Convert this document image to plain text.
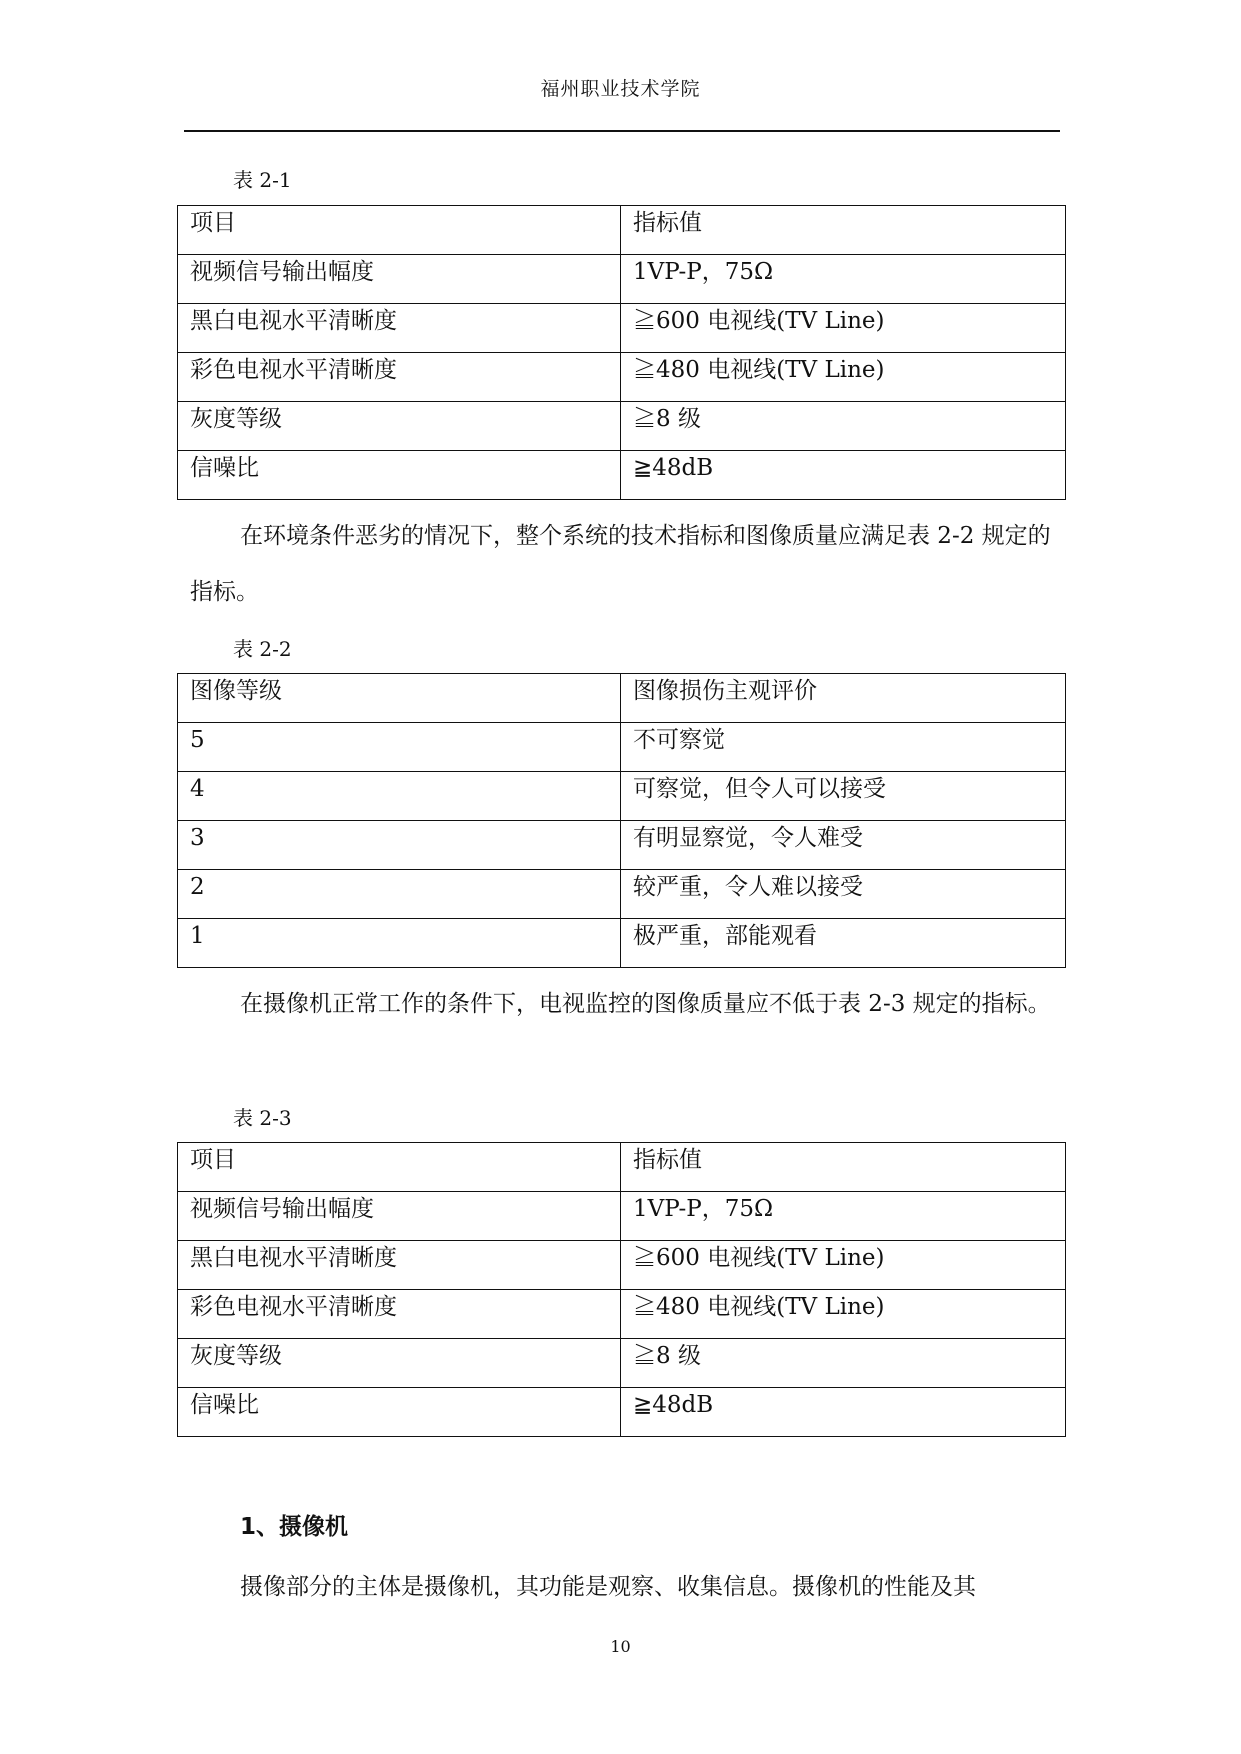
福州职业技术学院
表 2-1
项目	指标值
视频信号输出幅度	1VP-P，75Ω
黑白电视水平清晰度	≧600 电视线(TV Line)
彩色电视水平清晰度	≧480 电视线(TV Line)
灰度等级	≧8 级
信噪比	≧48dB
在环境条件恶劣的情况下，整个系统的技术指标和图像质量应满足表 2-2 规定的指标。
表 2-2
图像等级	图像损伤主观评价
5	不可察觉
4	可察觉，但令人可以接受
3	有明显察觉，令人难受
2	较严重，令人难以接受
1	极严重，部能观看
在摄像机正常工作的条件下，电视监控的图像质量应不低于表 2-3 规定的指标。
表 2-3
项目	指标值
视频信号输出幅度	1VP-P，75Ω
黑白电视水平清晰度	≧600 电视线(TV Line)
彩色电视水平清晰度	≧480 电视线(TV Line)
灰度等级	≧8 级
信噪比	≧48dB
1、摄像机
摄像部分的主体是摄像机，其功能是观察、收集信息。摄像机的性能及其
10
